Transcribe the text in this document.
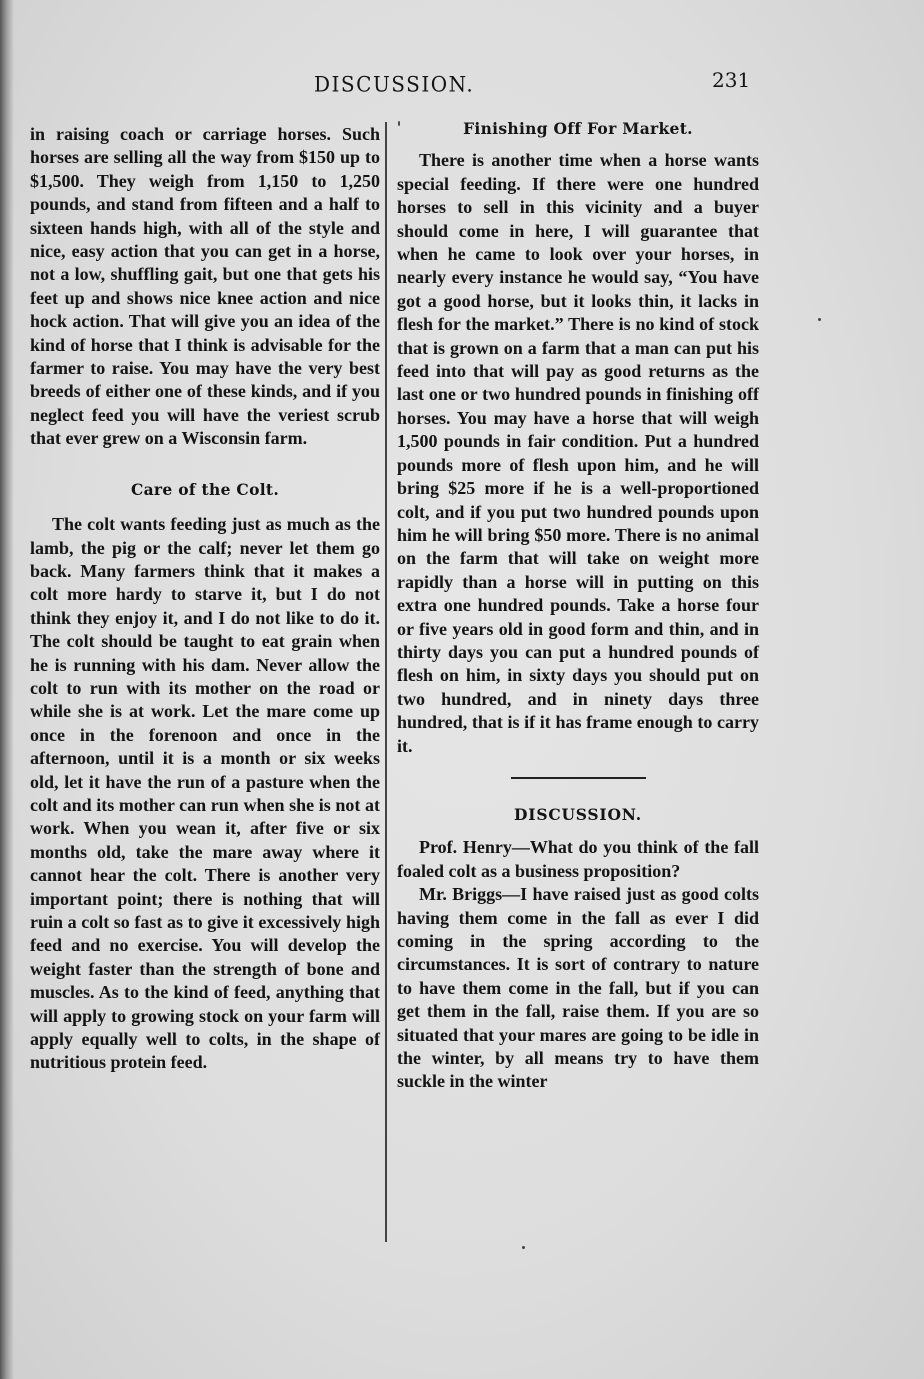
DISCUSSION.	231

in raising coach or carriage horses. Such horses are selling all the way from $150 up to $1,500. They weigh from 1,150 to 1,250 pounds, and stand from fifteen and a half to sixteen hands high, with all of the style and nice, easy action that you can get in a horse, not a low, shuffling gait, but one that gets his feet up and shows nice knee action and nice hock action. That will give you an idea of the kind of horse that I think is advisable for the farmer to raise. You may have the very best breeds of either one of these kinds, and if you neglect feed you will have the veriest scrub that ever grew on a Wisconsin farm.

Care of the Colt.

The colt wants feeding just as much as the lamb, the pig or the calf; never let them go back. Many farmers think that it makes a colt more hardy to starve it, but I do not think they enjoy it, and I do not like to do it. The colt should be taught to eat grain when he is running with his dam. Never allow the colt to run with its mother on the road or while she is at work. Let the mare come up once in the forenoon and once in the afternoon, until it is a month or six weeks old, let it have the run of a pasture when the colt and its mother can run when she is not at work. When you wean it, after five or six months old, take the mare away where it cannot hear the colt. There is another very important point; there is nothing that will ruin a colt so fast as to give it excessively high feed and no exercise. You will develop the weight faster than the strength of bone and muscles. As to the kind of feed, anything that will apply to growing stock on your farm will apply equally well to colts, in the shape of nutritious protein feed.

Finishing Off For Market.

There is another time when a horse wants special feeding. If there were one hundred horses to sell in this vicinity and a buyer should come in here, I will guarantee that when he came to look over your horses, in nearly every instance he would say, “You have got a good horse, but it looks thin, it lacks in flesh for the market.” There is no kind of stock that is grown on a farm that a man can put his feed into that will pay as good returns as the last one or two hundred pounds in finishing off horses. You may have a horse that will weigh 1,500 pounds in fair condition. Put a hundred pounds more of flesh upon him, and he will bring $25 more if he is a well-proportioned colt, and if you put two hundred pounds upon him he will bring $50 more. There is no animal on the farm that will take on weight more rapidly than a horse will in putting on this extra one hundred pounds. Take a horse four or five years old in good form and thin, and in thirty days you can put a hundred pounds of flesh on him, in sixty days you should put on two hundred, and in ninety days three hundred, that is if it has frame enough to carry it.

DISCUSSION.

Prof. Henry—What do you think of the fall foaled colt as a business proposition?

Mr. Briggs—I have raised just as good colts having them come in the fall as ever I did coming in the spring according to the circumstances. It is sort of contrary to nature to have them come in the fall, but if you can get them in the fall, raise them. If you are so situated that your mares are going to be idle in the winter, by all means try to have them suckle in the winter
